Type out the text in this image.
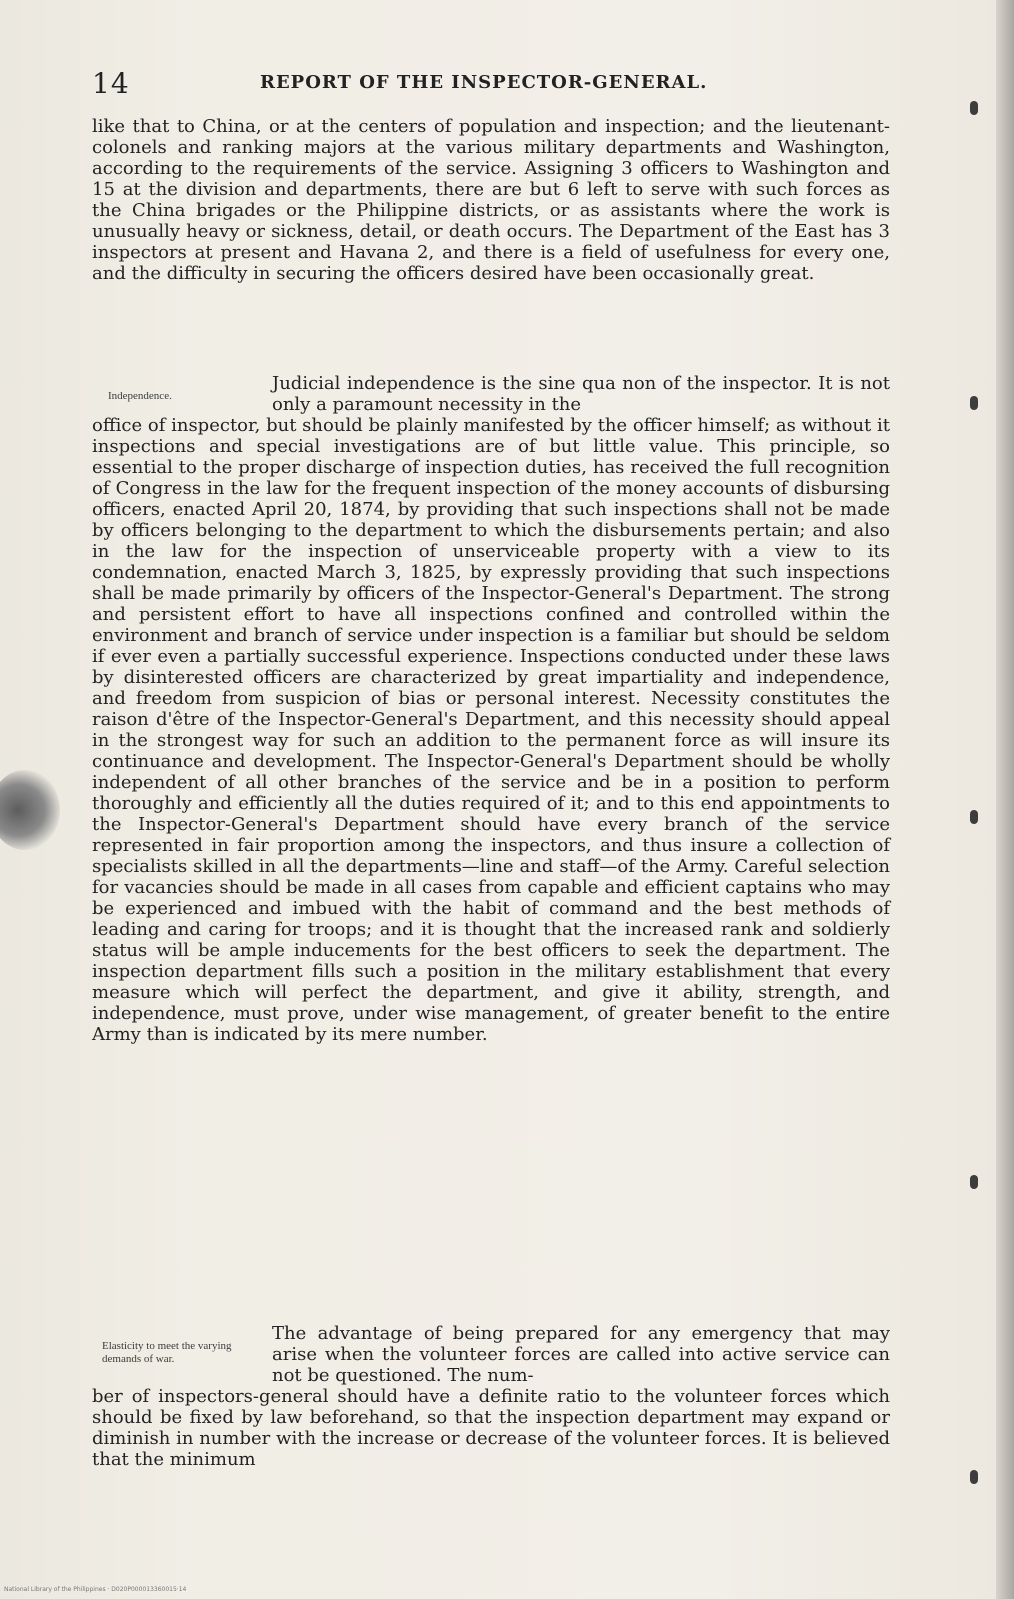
14	REPORT OF THE INSPECTOR-GENERAL.

like that to China, or at the centers of population and inspection; and the lieutenant-colonels and ranking majors at the various military departments and Washington, according to the requirements of the service. Assigning 3 officers to Washington and 15 at the division and departments, there are but 6 left to serve with such forces as the China brigades or the Philippine districts, or as assistants where the work is unusually heavy or sickness, detail, or death occurs. The Department of the East has 3 inspectors at present and Havana 2, and there is a field of usefulness for every one, and the difficulty in securing the officers desired have been occasionally great.

Independence.

Judicial independence is the sine qua non of the inspector. It is not only a paramount necessity in the

office of inspector, but should be plainly manifested by the officer himself; as without it inspections and special investigations are of but little value. This principle, so essential to the proper discharge of inspection duties, has received the full recognition of Congress in the law for the frequent inspection of the money accounts of disbursing officers, enacted April 20, 1874, by providing that such inspections shall not be made by officers belonging to the department to which the disbursements pertain; and also in the law for the inspection of unserviceable property with a view to its condemnation, enacted March 3, 1825, by expressly providing that such inspections shall be made primarily by officers of the Inspector-General's Department. The strong and persistent effort to have all inspections confined and controlled within the environment and branch of service under inspection is a familiar but should be seldom if ever even a partially successful experience. Inspections conducted under these laws by disinterested officers are characterized by great impartiality and independence, and freedom from suspicion of bias or personal interest. Necessity constitutes the raison d'être of the Inspector-General's Department, and this necessity should appeal in the strongest way for such an addition to the permanent force as will insure its continuance and development. The Inspector-General's Department should be wholly independent of all other branches of the service and be in a position to perform thoroughly and efficiently all the duties required of it; and to this end appointments to the Inspector-General's Department should have every branch of the service represented in fair proportion among the inspectors, and thus insure a collection of specialists skilled in all the departments—line and staff—of the Army. Careful selection for vacancies should be made in all cases from capable and efficient captains who may be experienced and imbued with the habit of command and the best methods of leading and caring for troops; and it is thought that the increased rank and soldierly status will be ample inducements for the best officers to seek the department. The inspection department fills such a position in the military establishment that every measure which will perfect the department, and give it ability, strength, and independence, must prove, under wise management, of greater benefit to the entire Army than is indicated by its mere number.

Elasticity to meet the varying demands of war.

The advantage of being prepared for any emergency that may arise when the volunteer forces are called into active service can not be questioned. The num-

ber of inspectors-general should have a definite ratio to the volunteer forces which should be fixed by law beforehand, so that the inspection department may expand or diminish in number with the increase or decrease of the volunteer forces. It is believed that the minimum

National Library of the Philippines · D020P000013360015·14
